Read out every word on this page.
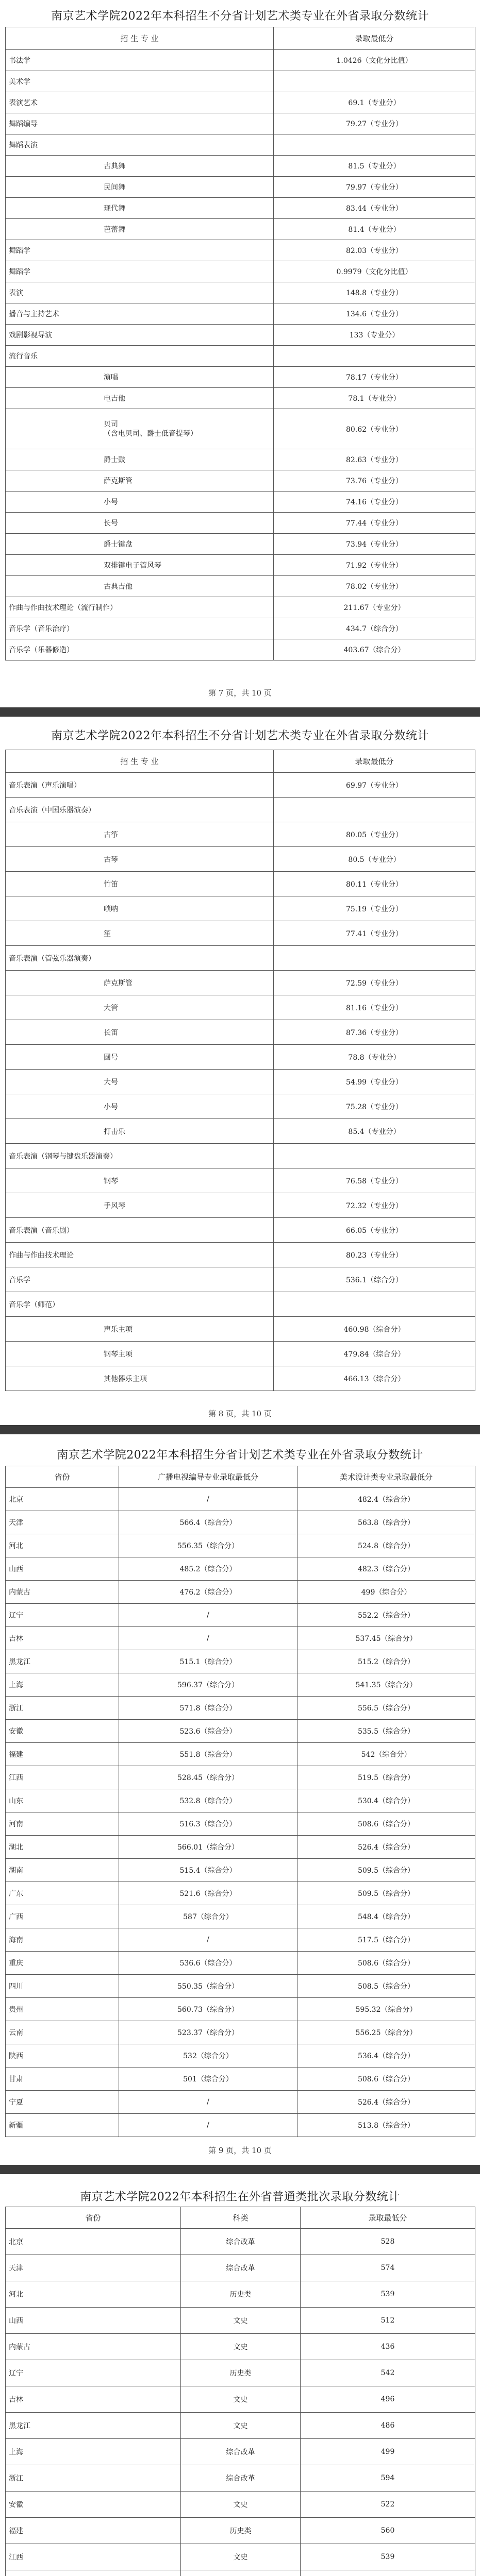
南京艺术学院2022年本科招生不分省计划艺术类专业在外省录取分数统计
招 生 专 业	录取最低分
书法学	1.0426（文化分比值）
美术学	
表演艺术	69.1（专业分）
舞蹈编导	79.27（专业分）
舞蹈表演	
古典舞	81.5（专业分）
民间舞	79.97（专业分）
现代舞	83.44（专业分）
芭蕾舞	81.4（专业分）
舞蹈学	82.03（专业分）
舞蹈学	0.9979（文化分比值）
表演	148.8（专业分）
播音与主持艺术	134.6（专业分）
戏剧影视导演	133（专业分）
流行音乐	
演唱	78.17（专业分）
电吉他	78.1（专业分）
贝司
（含电贝司、爵士低音提琴）	80.62（专业分）
爵士鼓	82.63（专业分）
萨克斯管	73.76（专业分）
小号	74.16（专业分）
长号	77.44（专业分）
爵士键盘	73.94（专业分）
双排键电子管风琴	71.92（专业分）
古典吉他	78.02（专业分）
作曲与作曲技术理论（流行制作）	211.67（专业分）
音乐学（音乐治疗）	434.7（综合分）
音乐学（乐器修造）	403.67（综合分）
第 7 页，共 10 页
南京艺术学院2022年本科招生不分省计划艺术类专业在外省录取分数统计
招 生 专 业	录取最低分
音乐表演（声乐演唱）	69.97（专业分）
音乐表演（中国乐器演奏）	
古筝	80.05（专业分）
古琴	80.5（专业分）
竹笛	80.11（专业分）
唢呐	75.19（专业分）
笙	77.41（专业分）
音乐表演（管弦乐器演奏）	
萨克斯管	72.59（专业分）
大管	81.16（专业分）
长笛	87.36（专业分）
圆号	78.8（专业分）
大号	54.99（专业分）
小号	75.28（专业分）
打击乐	85.4（专业分）
音乐表演（钢琴与键盘乐器演奏）	
钢琴	76.58（专业分）
手风琴	72.32（专业分）
音乐表演（音乐剧）	66.05（专业分）
作曲与作曲技术理论	80.23（专业分）
音乐学	536.1（综合分）
音乐学（师范）	
声乐主项	460.98（综合分）
钢琴主项	479.84（综合分）
其他器乐主项	466.13（综合分）
第 8 页，共 10 页
南京艺术学院2022年本科招生分省计划艺术类专业在外省录取分数统计
省份	广播电视编导专业录取最低分	美术设计类专业录取最低分
北京	/	482.4（综合分）
天津	566.4（综合分）	563.8（综合分）
河北	556.35（综合分）	524.8（综合分）
山西	485.2（综合分）	482.3（综合分）
内蒙古	476.2（综合分）	499（综合分）
辽宁	/	552.2（综合分）
吉林	/	537.45（综合分）
黑龙江	515.1（综合分）	515.2（综合分）
上海	596.37（综合分）	541.35（综合分）
浙江	571.8（综合分）	556.5（综合分）
安徽	523.6（综合分）	535.5（综合分）
福建	551.8（综合分）	542（综合分）
江西	528.45（综合分）	519.5（综合分）
山东	532.8（综合分）	530.4（综合分）
河南	516.3（综合分）	508.6（综合分）
湖北	566.01（综合分）	526.4（综合分）
湖南	515.4（综合分）	509.5（综合分）
广东	521.6（综合分）	509.5（综合分）
广西	587（综合分）	548.4（综合分）
海南	/	517.5（综合分）
重庆	536.6（综合分）	508.6（综合分）
四川	550.35（综合分）	508.5（综合分）
贵州	560.73（综合分）	595.32（综合分）
云南	523.37（综合分）	556.25（综合分）
陕西	532（综合分）	536.4（综合分）
甘肃	501（综合分）	508.6（综合分）
宁夏	/	526.4（综合分）
新疆	/	513.8（综合分）
第 9 页，共 10 页
南京艺术学院2022年本科招生在外省普通类批次录取分数统计
省份	科类	录取最低分
北京	综合改革	528
天津	综合改革	574
河北	历史类	539
山西	文史	512
内蒙古	文史	436
辽宁	历史类	542
吉林	文史	496
黑龙江	文史	486
上海	综合改革	499
浙江	综合改革	594
安徽	文史	522
福建	历史类	560
江西	文史	539
